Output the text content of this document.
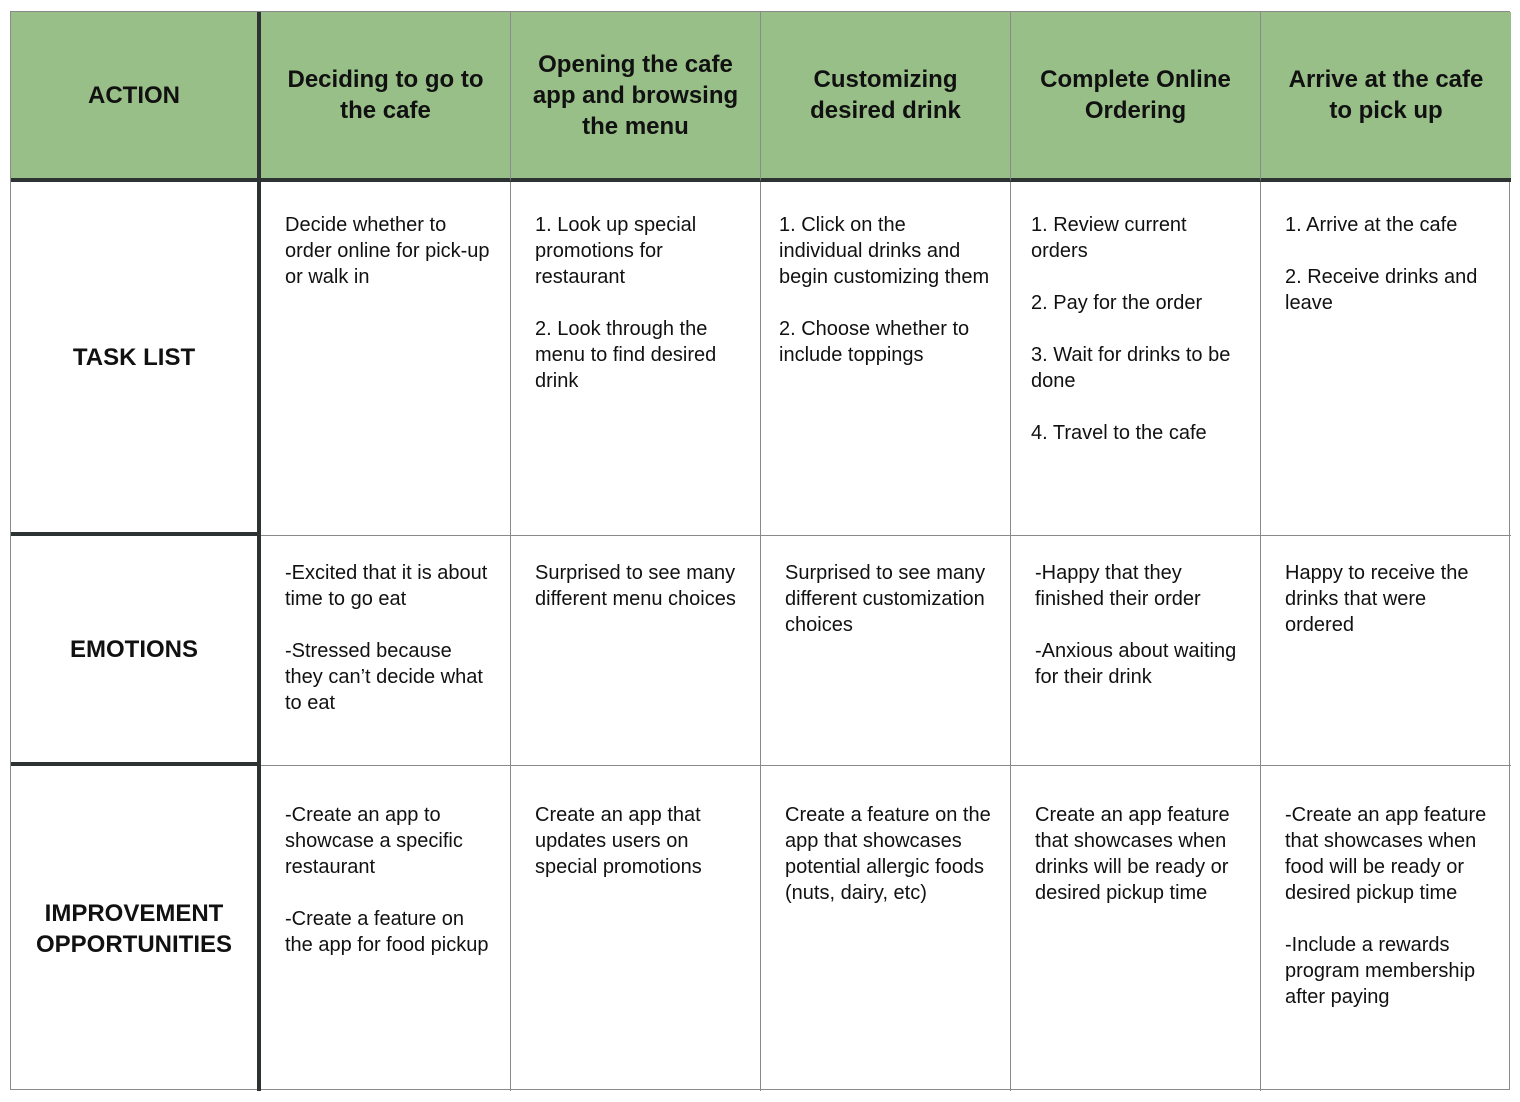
ACTION
Deciding to go to the cafe
Opening the cafe app and browsing the menu
Customizing desired drink
Complete Online Ordering
Arrive at the cafe to pick up
TASK LIST

Decide whether to order online for pick-up or walk in

1. Look up special promotions for restaurant

2. Look through the menu to find desired drink

1. Click on the individual drinks and begin customizing them

2. Choose whether to include toppings

1. Review current orders

2. Pay for the order

3. Wait for drinks to be done

4. Travel to the cafe

1. Arrive at the cafe

2. Receive drinks and leave

EMOTIONS

-Excited that it is about time to go eat

-Stressed because they can’t decide what to eat

Surprised to see many different menu choices

Surprised to see many different customization choices

-Happy that they finished their order

-Anxious about waiting for their drink

Happy to receive the drinks that were ordered

IMPROVEMENT OPPORTUNITIES

-Create an app to showcase a specific restaurant

-Create a feature on the app for food pickup

Create an app that updates users on special promotions

Create a feature on the app that showcases potential allergic foods (nuts, dairy, etc)

Create an app feature that showcases when drinks will be ready or desired pickup time

-Create an app feature that showcases when food will be ready or desired pickup time

-Include a rewards program membership after paying
